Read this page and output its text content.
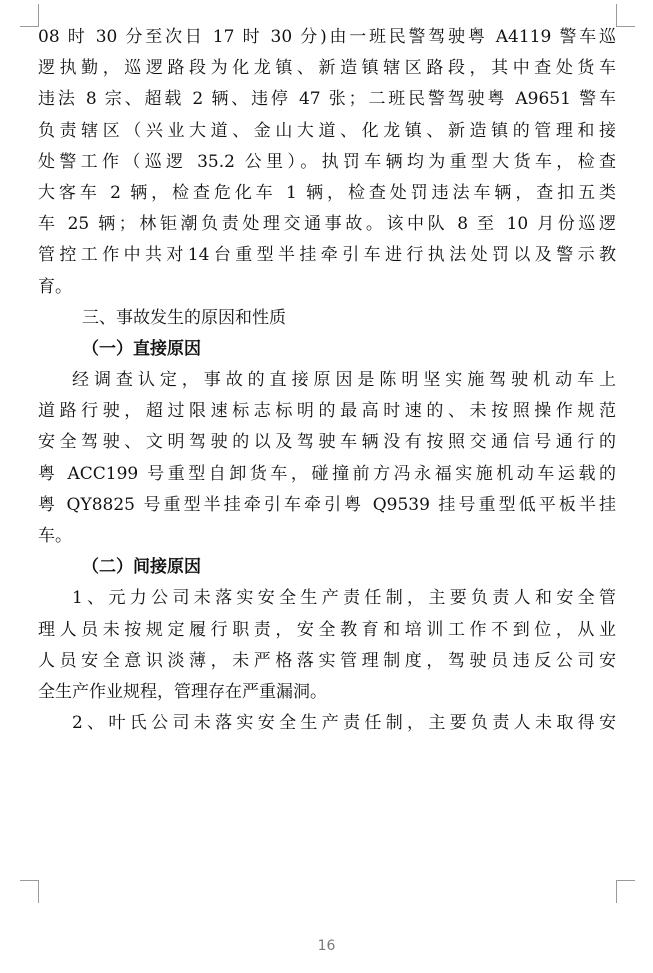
08 时 30 分至次日 17 时 30 分)由一班民警驾驶粤 A4119 警车巡
逻执勤，巡逻路段为化龙镇、新造镇辖区路段，其中查处货车
违法 8 宗、超载 2 辆、违停 47 张；二班民警驾驶粤 A9651 警车
负责辖区（兴业大道、金山大道、化龙镇、新造镇的管理和接
处警工作（巡逻 35.2 公里）。执罚车辆均为重型大货车，检查
大客车 2 辆，检查危化车 1 辆，检查处罚违法车辆，查扣五类
车 25 辆；林钜潮负责处理交通事故。该中队 8 至 10 月份巡逻
管控工作中共对14台重型半挂牵引车进行执法处罚以及警示教
育。
三、事故发生的原因和性质
（一）直接原因
经调查认定，事故的直接原因是陈明坚实施驾驶机动车上
道路行驶，超过限速标志标明的最高时速的、未按照操作规范
安全驾驶、文明驾驶的以及驾驶车辆没有按照交通信号通行的
粤 ACC199 号重型自卸货车，碰撞前方冯永福实施机动车运载的
粤 QY8825 号重型半挂牵引车牵引粤 Q9539 挂号重型低平板半挂
车。
（二）间接原因
1、元力公司未落实安全生产责任制，主要负责人和安全管
理人员未按规定履行职责，安全教育和培训工作不到位，从业
人员安全意识淡薄，未严格落实管理制度，驾驶员违反公司安
全生产作业规程，管理存在严重漏洞。
2、叶氏公司未落实安全生产责任制，主要负责人未取得安
16
